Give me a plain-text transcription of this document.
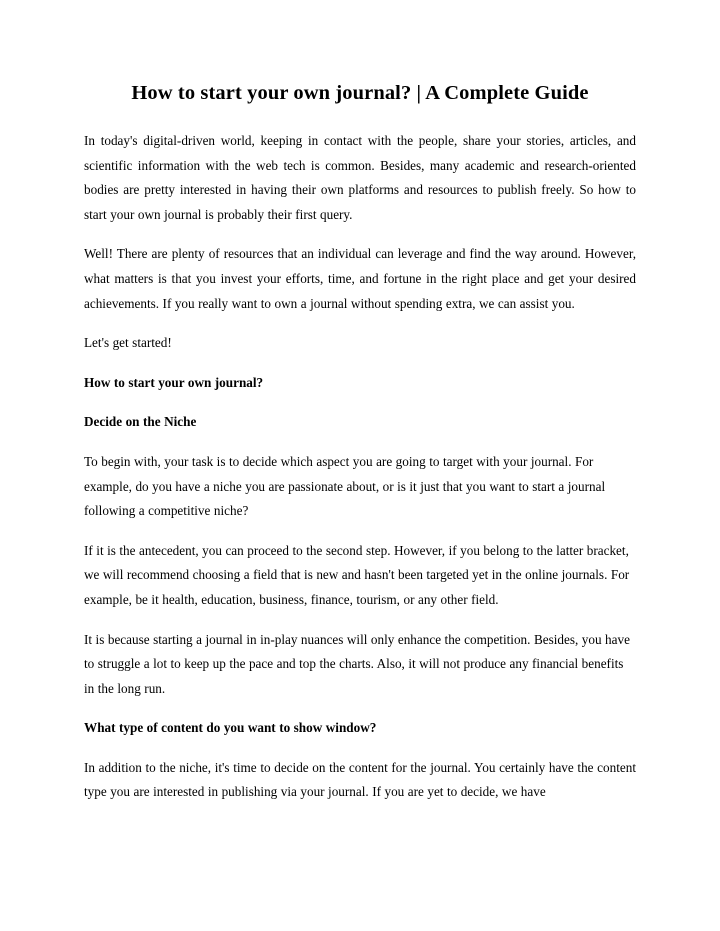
How to start your own journal? | A Complete Guide

In today's digital-driven world, keeping in contact with the people, share your stories, articles, and scientific information with the web tech is common. Besides, many academic and research-oriented bodies are pretty interested in having their own platforms and resources to publish freely. So how to start your own journal is probably their first query.

Well! There are plenty of resources that an individual can leverage and find the way around. However, what matters is that you invest your efforts, time, and fortune in the right place and get your desired achievements. If you really want to own a journal without spending extra, we can assist you.

Let's get started!

How to start your own journal?

Decide on the Niche

To begin with, your task is to decide which aspect you are going to target with your journal. For example, do you have a niche you are passionate about, or is it just that you want to start a journal following a competitive niche?

If it is the antecedent, you can proceed to the second step. However, if you belong to the latter bracket, we will recommend choosing a field that is new and hasn't been targeted yet in the online journals. For example, be it health, education, business, finance, tourism, or any other field.

It is because starting a journal in in-play nuances will only enhance the competition. Besides, you have to struggle a lot to keep up the pace and top the charts. Also, it will not produce any financial benefits in the long run.

What type of content do you want to show window?

In addition to the niche, it's time to decide on the content for the journal. You certainly have the content type you are interested in publishing via your journal. If you are yet to decide, we have
